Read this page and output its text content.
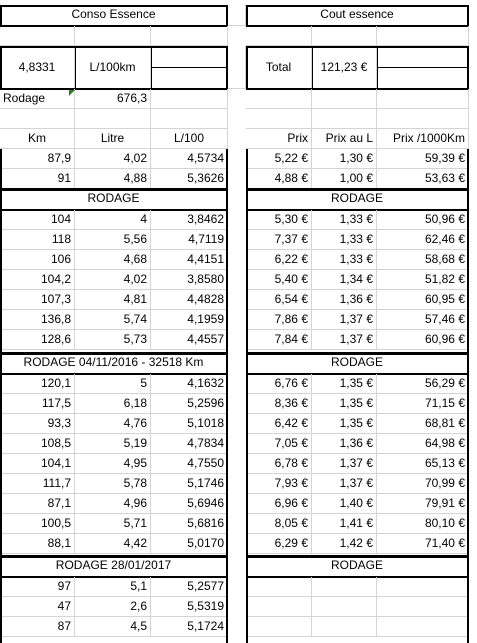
Conso Essence	Cout essence
4,8331	L/100km	Total	121,23 €
Rodage	676,3
Km	Litre	L/100	Prix	Prix au L	Prix /1000Km
87,9	4,02	4,5734	5,22 €	1,30 €	59,39 €
91	4,88	5,3626	4,88 €	1,00 €	53,63 €
RODAGE	RODAGE
104	4	3,8462	5,30 €	1,33 €	50,96 €
118	5,56	4,7119	7,37 €	1,33 €	62,46 €
106	4,68	4,4151	6,22 €	1,33 €	58,68 €
104,2	4,02	3,8580	5,40 €	1,34 €	51,82 €
107,3	4,81	4,4828	6,54 €	1,36 €	60,95 €
136,8	5,74	4,1959	7,86 €	1,37 €	57,46 €
128,6	5,73	4,4557	7,84 €	1,37 €	60,96 €
RODAGE 04/11/2016 - 32518 Km	RODAGE
120,1	5	4,1632	6,76 €	1,35 €	56,29 €
117,5	6,18	5,2596	8,36 €	1,35 €	71,15 €
93,3	4,76	5,1018	6,42 €	1,35 €	68,81 €
108,5	5,19	4,7834	7,05 €	1,36 €	64,98 €
104,1	4,95	4,7550	6,78 €	1,37 €	65,13 €
111,7	5,78	5,1746	7,93 €	1,37 €	70,99 €
87,1	4,96	5,6946	6,96 €	1,40 €	79,91 €
100,5	5,71	5,6816	8,05 €	1,41 €	80,10 €
88,1	4,42	5,0170	6,29 €	1,42 €	71,40 €
RODAGE 28/01/2017	RODAGE
97	5,1	5,2577
47	2,6	5,5319
87	4,5	5,1724
